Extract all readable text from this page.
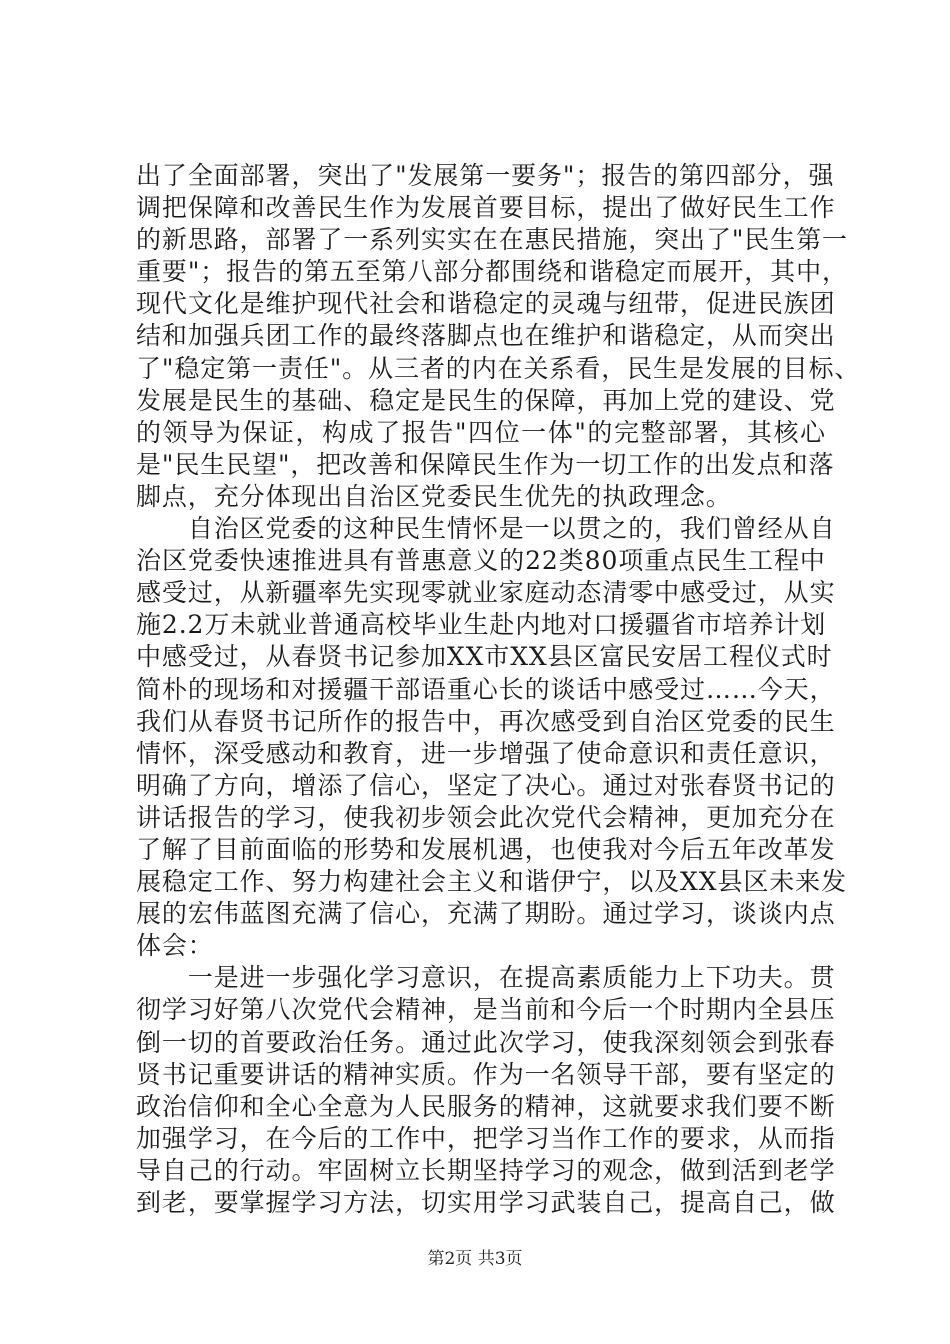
出 了 全 面 部 署 ， 突 出 了 " 发 展 第 一 要 务 " ； 报 告 的 第 四 部 分 ， 强
调 把 保 障 和 改 善 民 生 作 为 发 展 首 要 目 标 ， 提 出 了 做 好 民 生 工 作
的 新 思 路 ， 部 署 了 一 系 列 实 实 在 在 惠 民 措 施 ， 突 出 了 " 民 生 第 一
重 要 " ； 报 告 的 第 五 至 第 八 部 分 都 围 绕 和 谐 稳 定 而 展 开 ， 其 中 ，
现 代 文 化 是 维 护 现 代 社 会 和 谐 稳 定 的 灵 魂 与 纽 带 ， 促 进 民 族 团
结 和 加 强 兵 团 工 作 的 最 终 落 脚 点 也 在 维 护 和 谐 稳 定 ， 从 而 突 出
了 " 稳 定 第 一 责 任 " 。 从 三 者 的 内 在 关 系 看 ， 民 生 是 发 展 的 目 标 、
发 展 是 民 生 的 基 础 、 稳 定 是 民 生 的 保 障 ， 再 加 上 党 的 建 设 、 党
的 领 导 为 保 证 ， 构 成 了 报 告 " 四 位 一 体 " 的 完 整 部 署 ， 其 核 心
是 " 民 生 民 望 " ， 把 改 善 和 保 障 民 生 作 为 一 切 工 作 的 出 发 点 和 落
脚点，充分体现出自治区党委民生优先的执政理念。

自 治 区 党 委 的 这 种 民 生 情 怀 是 一 以 贯 之 的 ， 我 们 曾 经 从 自
治 区 党 委 快 速 推 进 具 有 普 惠 意 义 的 22 类 80 项 重 点 民 生 工 程 中
感 受 过 ， 从 新 疆 率 先 实 现 零 就 业 家 庭 动 态 清 零 中 感 受 过 ， 从 实
施 2.2 万 未 就 业 普 通 高 校 毕 业 生 赴 内 地 对 口 援 疆 省 市 培 养 计 划
中 感 受 过 ， 从 春 贤 书 记 参 加 XX 市 XX 县 区 富 民 安 居 工 程 仪 式 时
简 朴 的 现 场 和 对 援 疆 干 部 语 重 心 长 的 谈 话 中 感 受 过 … … 今 天 ，
我 们 从 春 贤 书 记 所 作 的 报 告 中 ， 再 次 感 受 到 自 治 区 党 委 的 民 生
情 怀 ， 深 受 感 动 和 教 育 ， 进 一 步 增 强 了 使 命 意 识 和 责 任 意 识 ，
明 确 了 方 向 ， 增 添 了 信 心 ， 坚 定 了 决 心 。 通 过 对 张 春 贤 书 记 的
讲 话 报 告 的 学 习 ， 使 我 初 步 领 会 此 次 党 代 会 精 神 ， 更 加 充 分 在
了 解 了 目 前 面 临 的 形 势 和 发 展 机 遇 ， 也 使 我 对 今 后 五 年 改 革 发
展 稳 定 工 作 、 努 力 构 建 社 会 主 义 和 谐 伊 宁 ， 以 及 XX 县 区 未 来 发
展 的 宏 伟 蓝 图 充 满 了 信 心 ， 充 满 了 期 盼 。 通 过 学 习 ， 谈 谈 内 点
体会：

一 是 进 一 步 强 化 学 习 意 识 ， 在 提 高 素 质 能 力 上 下 功 夫 。 贯
彻 学 习 好 第 八 次 党 代 会 精 神 ， 是 当 前 和 今 后 一 个 时 期 内 全 县 压
倒 一 切 的 首 要 政 治 任 务 。 通 过 此 次 学 习 ， 使 我 深 刻 领 会 到 张 春
贤 书 记 重 要 讲 话 的 精 神 实 质 。 作 为 一 名 领 导 干 部 ， 要 有 坚 定 的
政 治 信 仰 和 全 心 全 意 为 人 民 服 务 的 精 神 ， 这 就 要 求 我 们 要 不 断
加 强 学 习 ， 在 今 后 的 工 作 中 ， 把 学 习 当 作 工 作 的 要 求 ， 从 而 指
导 自 己 的 行 动 。 牢 固 树 立 长 期 坚 持 学 习 的 观 念 ， 做 到 活 到 老 学
到 老 ， 要 掌 握 学 习 方 法 ， 切 实 用 学 习 武 装 自 己 ， 提 高 自 己 ， 做
第2页 共3页
